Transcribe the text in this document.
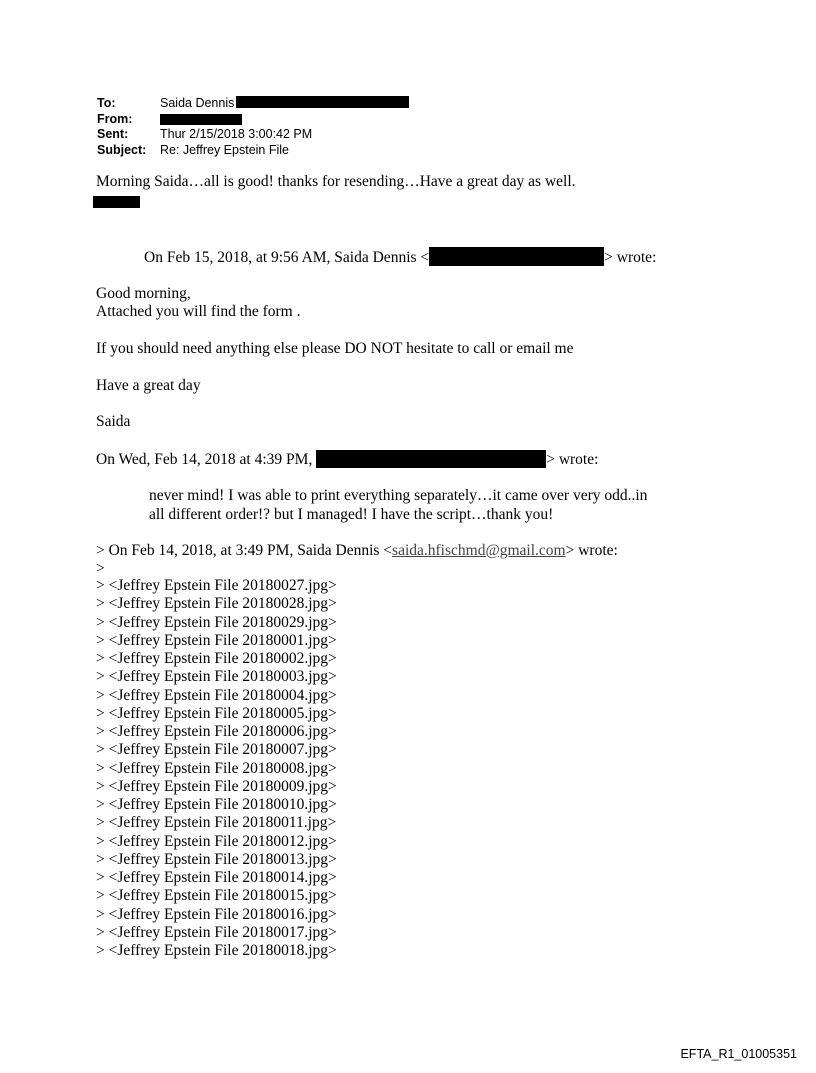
To:	Saida Dennis
From:
Sent:	Thur 2/15/2018 3:00:42 PM
Subject:	Re: Jeffrey Epstein File
Morning Saida…all is good! thanks for resending…Have a great day as well.
On Feb 15, 2018, at 9:56 AM, Saida Dennis <	> wrote:
Good morning,
Attached you will find the form .
If you should need anything else please DO NOT hesitate to call or email me
Have a great day
Saida
On Wed, Feb 14, 2018 at 4:39 PM,	> wrote:
never mind! I was able to print everything separately…it came over very odd..in
all different order!? but I managed! I have the script…thank you!
> On Feb 14, 2018, at 3:49 PM, Saida Dennis <saida.hfischmd@gmail.com> wrote:
>
> <Jeffrey Epstein File 20180027.jpg>
> <Jeffrey Epstein File 20180028.jpg>
> <Jeffrey Epstein File 20180029.jpg>
> <Jeffrey Epstein File 20180001.jpg>
> <Jeffrey Epstein File 20180002.jpg>
> <Jeffrey Epstein File 20180003.jpg>
> <Jeffrey Epstein File 20180004.jpg>
> <Jeffrey Epstein File 20180005.jpg>
> <Jeffrey Epstein File 20180006.jpg>
> <Jeffrey Epstein File 20180007.jpg>
> <Jeffrey Epstein File 20180008.jpg>
> <Jeffrey Epstein File 20180009.jpg>
> <Jeffrey Epstein File 20180010.jpg>
> <Jeffrey Epstein File 20180011.jpg>
> <Jeffrey Epstein File 20180012.jpg>
> <Jeffrey Epstein File 20180013.jpg>
> <Jeffrey Epstein File 20180014.jpg>
> <Jeffrey Epstein File 20180015.jpg>
> <Jeffrey Epstein File 20180016.jpg>
> <Jeffrey Epstein File 20180017.jpg>
> <Jeffrey Epstein File 20180018.jpg>
EFTA_R1_01005351
